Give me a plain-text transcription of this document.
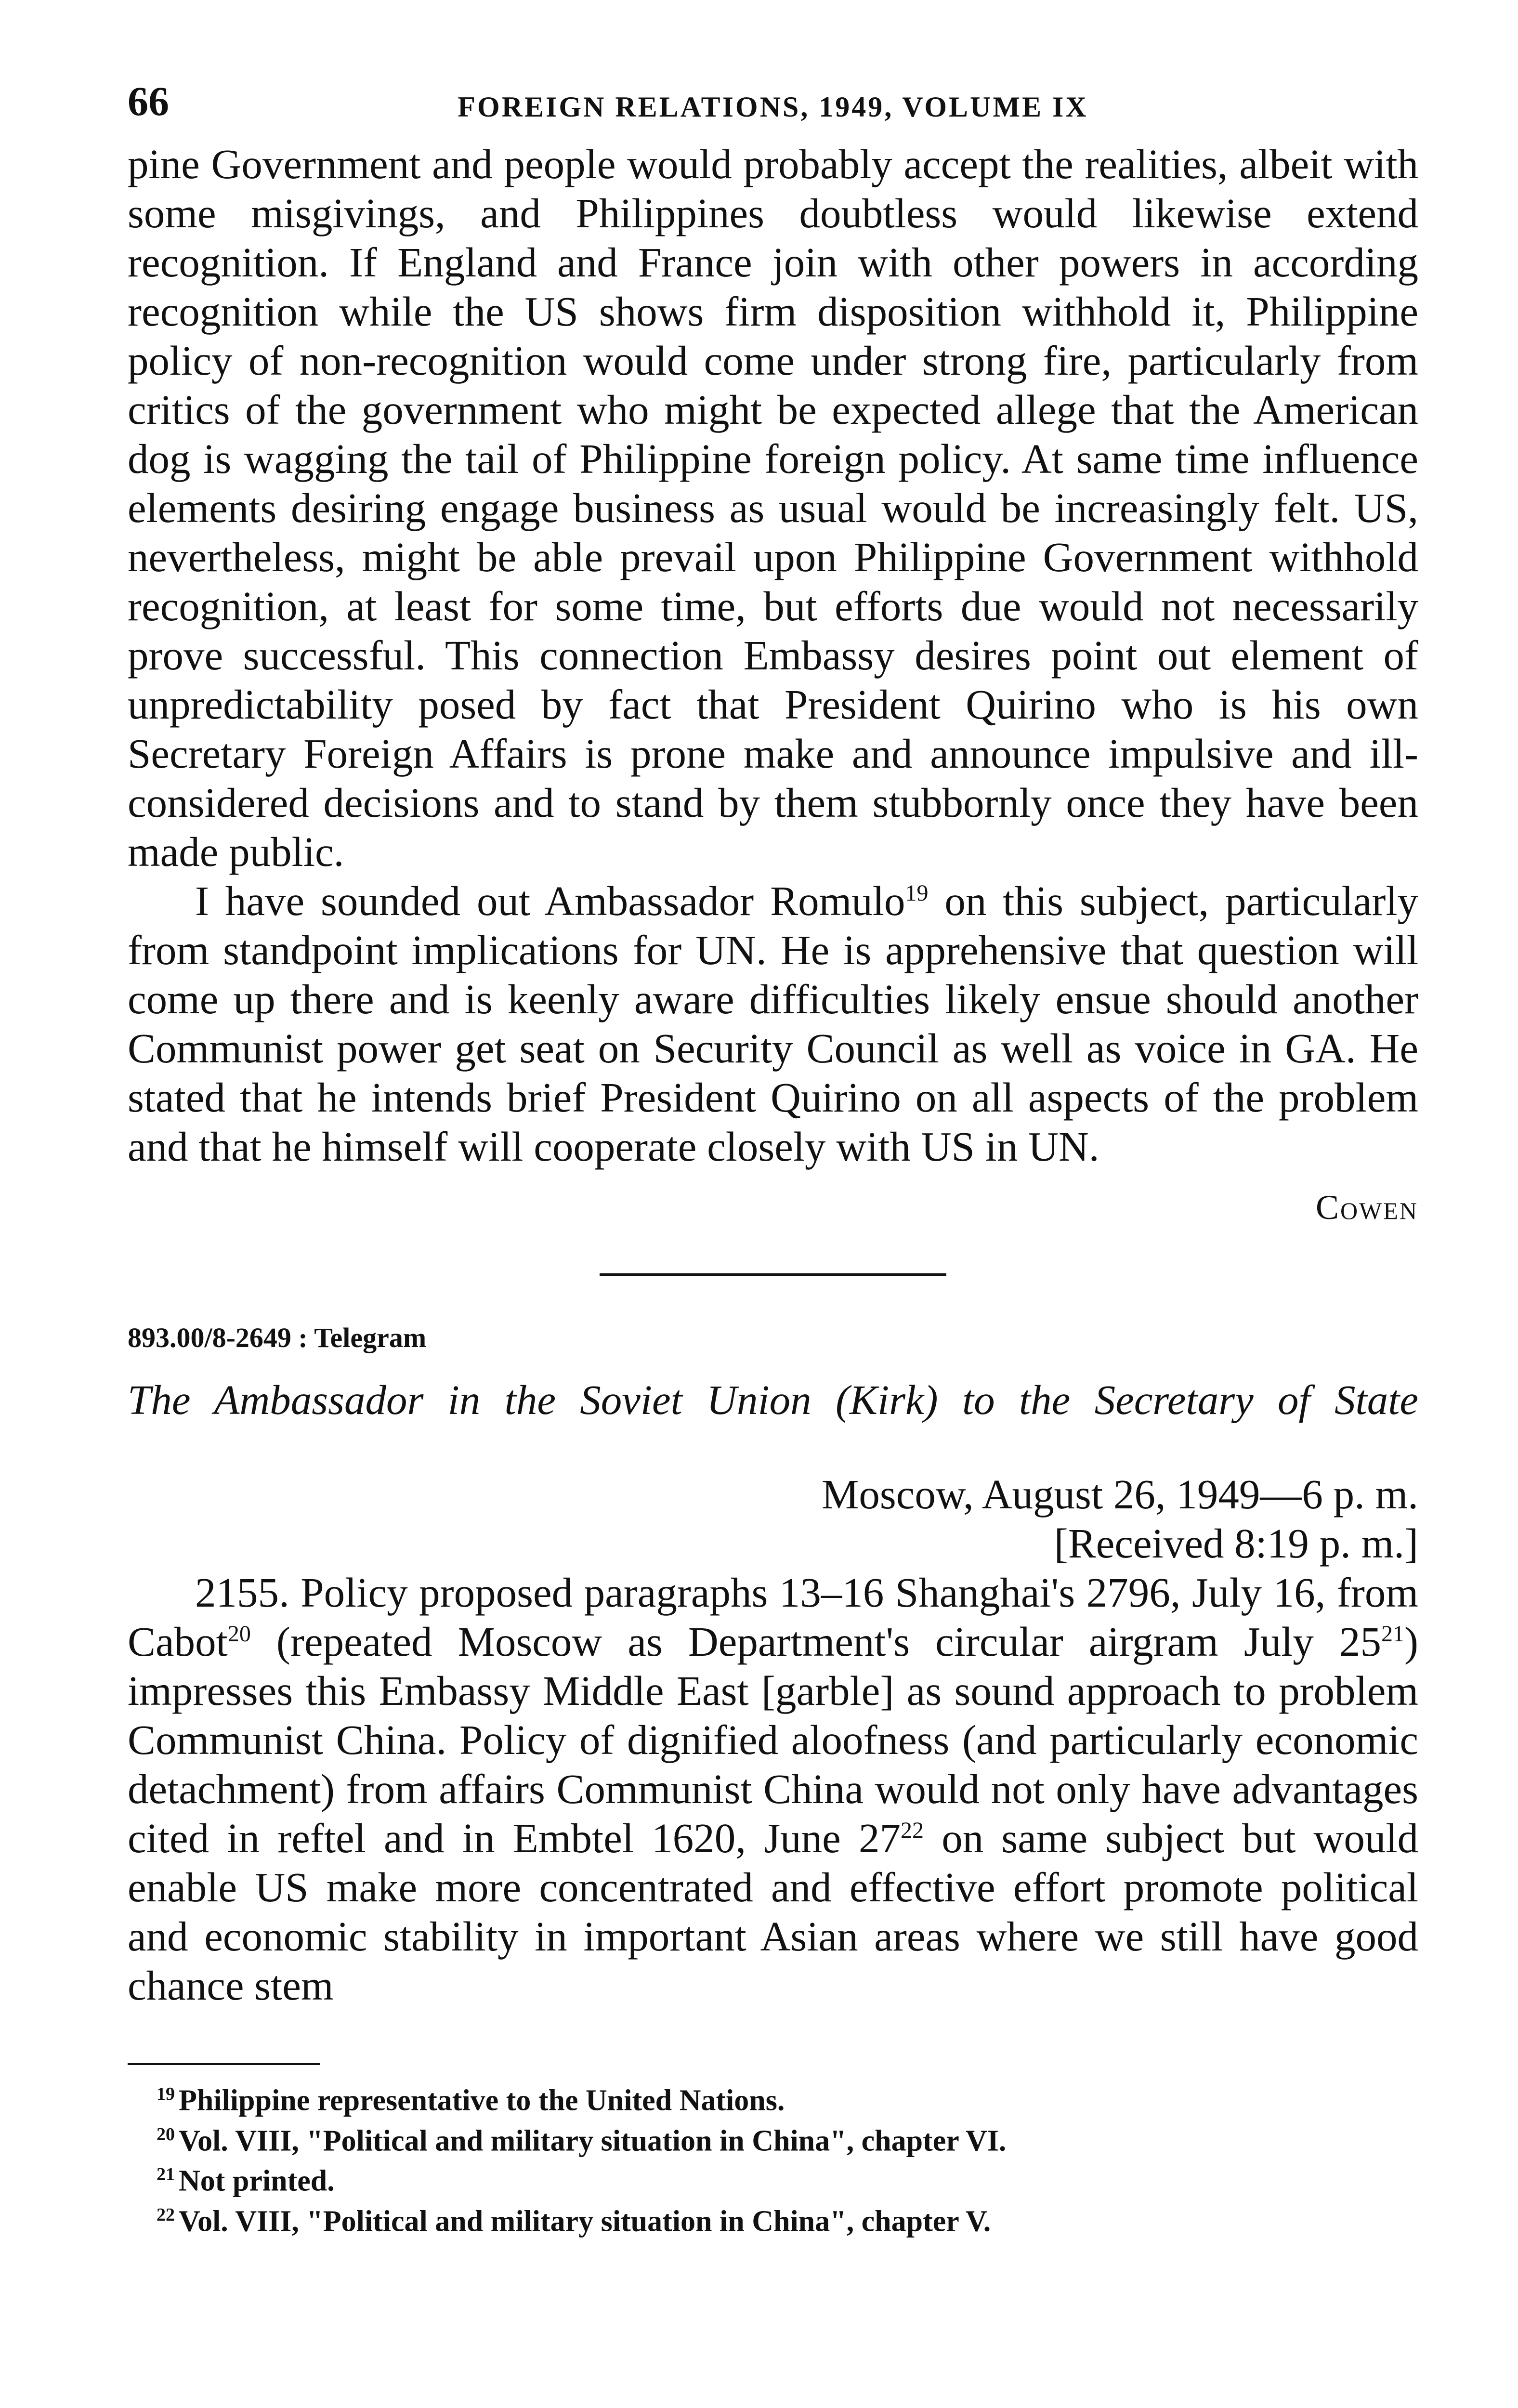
66	FOREIGN RELATIONS, 1949, VOLUME IX

pine Government and people would probably accept the realities, albeit with some misgivings, and Philippines doubtless would likewise extend recognition. If England and France join with other powers in according recognition while the US shows firm disposition withhold it, Philippine policy of non-recognition would come under strong fire, particularly from critics of the government who might be expected allege that the American dog is wagging the tail of Philippine foreign policy. At same time influence elements desiring engage business as usual would be increasingly felt. US, nevertheless, might be able prevail upon Philippine Government withhold recognition, at least for some time, but efforts due would not necessarily prove successful. This connection Embassy desires point out element of unpredictability posed by fact that President Quirino who is his own Secretary Foreign Affairs is prone make and announce impulsive and ill-considered decisions and to stand by them stubbornly once they have been made public.

I have sounded out Ambassador Romulo$^{19}$ on this subject, particularly from standpoint implications for UN. He is apprehensive that question will come up there and is keenly aware difficulties likely ensue should another Communist power get seat on Security Council as well as voice in GA. He stated that he intends brief President Quirino on all aspects of the problem and that he himself will cooperate closely with US in UN.

Cowen
893.00/8-2649 : Telegram
The Ambassador in the Soviet Union (Kirk) to the Secretary of State
Moscow, August 26, 1949—6 p. m.
[Received 8:19 p. m.]

2155. Policy proposed paragraphs 13–16 Shanghai's 2796, July 16, from Cabot$^{20}$ (repeated Moscow as Department's circular airgram July $25^{21}$) impresses this Embassy Middle East [garble] as sound approach to problem Communist China. Policy of dignified aloofness (and particularly economic detachment) from affairs Communist China would not only have advantages cited in reftel and in Embtel 1620, June $27^{22}$ on same subject but would enable US make more concentrated and effective effort promote political and economic stability in important Asian areas where we still have good chance stem

$^{19}$ Philippine representative to the United Nations.
$^{20}$ Vol. VIII, "Political and military situation in China", chapter VI.
$^{21}$ Not printed.
$^{22}$ Vol. VIII, "Political and military situation in China", chapter V.
